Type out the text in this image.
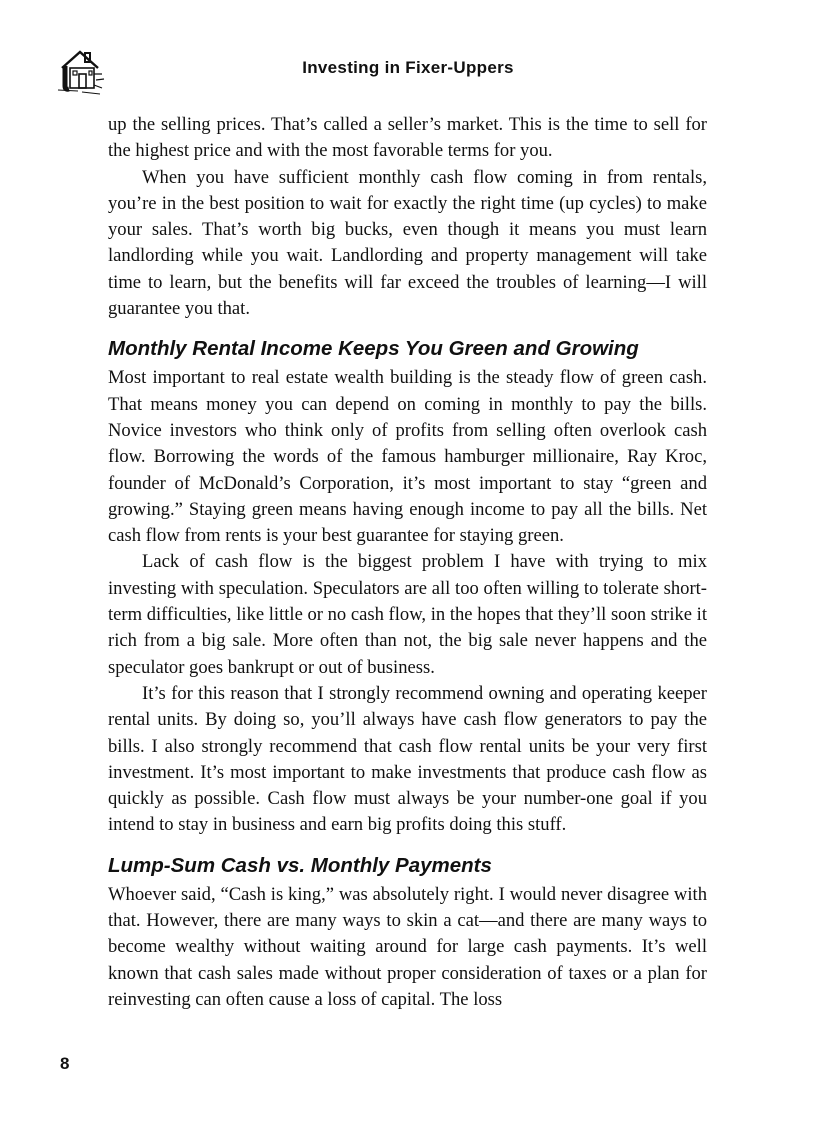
Investing in Fixer-Uppers

up the selling prices. That’s called a seller’s market. This is the time to sell for the highest price and with the most favorable terms for you.

When you have sufficient monthly cash flow coming in from rentals, you’re in the best position to wait for exactly the right time (up cycles) to make your sales. That’s worth big bucks, even though it means you must learn landlording while you wait. Landlording and property management will take time to learn, but the benefits will far exceed the troubles of learning—I will guarantee you that.

Monthly Rental Income Keeps You Green and Growing

Most important to real estate wealth building is the steady flow of green cash. That means money you can depend on coming in monthly to pay the bills. Novice investors who think only of profits from selling often overlook cash flow. Borrowing the words of the famous hamburger millionaire, Ray Kroc, founder of McDonald’s Corporation, it’s most important to stay “green and growing.” Staying green means having enough income to pay all the bills. Net cash flow from rents is your best guarantee for staying green.

Lack of cash flow is the biggest problem I have with trying to mix investing with speculation. Speculators are all too often willing to tolerate short-term difficulties, like little or no cash flow, in the hopes that they’ll soon strike it rich from a big sale. More often than not, the big sale never happens and the speculator goes bankrupt or out of business.

It’s for this reason that I strongly recommend owning and operating keeper rental units. By doing so, you’ll always have cash flow generators to pay the bills. I also strongly recommend that cash flow rental units be your very first investment. It’s most important to make investments that produce cash flow as quickly as possible. Cash flow must always be your number-one goal if you intend to stay in business and earn big profits doing this stuff.

Lump-Sum Cash vs. Monthly Payments

Whoever said, “Cash is king,” was absolutely right. I would never disagree with that. However, there are many ways to skin a cat—and there are many ways to become wealthy without waiting around for large cash payments. It’s well known that cash sales made without proper consideration of taxes or a plan for reinvesting can often cause a loss of capital. The loss

8
